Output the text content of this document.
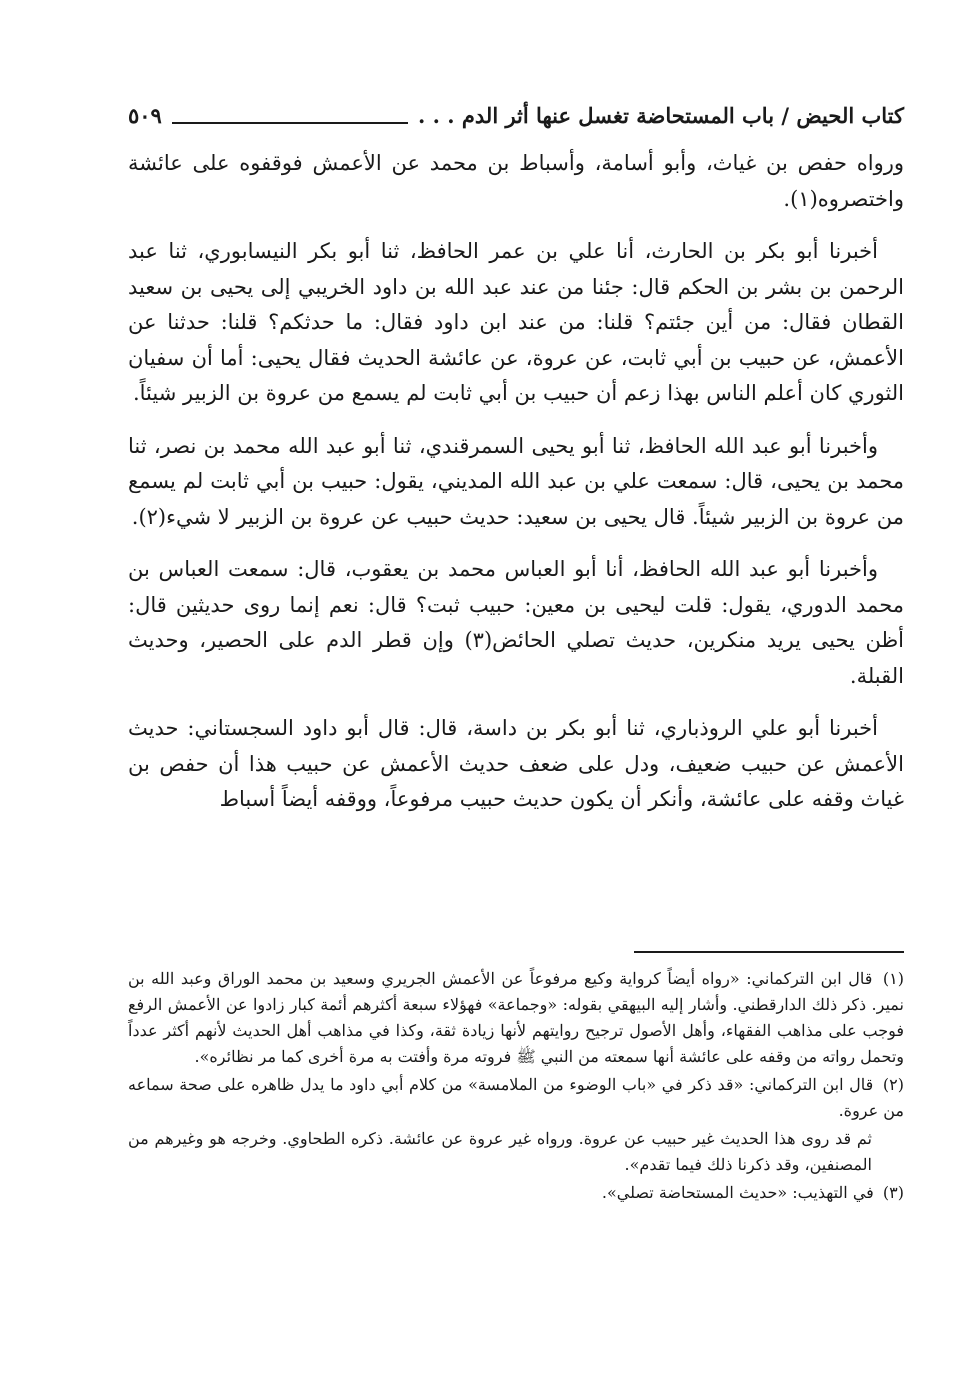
كتاب الحيض / باب المستحاضة تغسل عنها أثر الدم . . .
٥٠٩

ورواه حفص بن غياث، وأبو أسامة، وأسباط بن محمد عن الأعمش فوقفوه على عائشة واختصروه(١).

أخبرنا أبو بكر بن الحارث، أنا علي بن عمر الحافظ، ثنا أبو بكر النيسابوري، ثنا عبد الرحمن بن بشر بن الحكم قال: جئنا من عند عبد الله بن داود الخريبي إلى يحيى بن سعيد القطان فقال: من أين جئتم؟ قلنا: من عند ابن داود فقال: ما حدثكم؟ قلنا: حدثنا عن الأعمش، عن حبيب بن أبي ثابت، عن عروة، عن عائشة الحديث فقال يحيى: أما أن سفيان الثوري كان أعلم الناس بهذا زعم أن حبيب بن أبي ثابت لم يسمع من عروة بن الزبير شيئاً.

وأخبرنا أبو عبد الله الحافظ، ثنا أبو يحيى السمرقندي، ثنا أبو عبد الله محمد بن نصر، ثنا محمد بن يحيى، قال: سمعت علي بن عبد الله المديني، يقول: حبيب بن أبي ثابت لم يسمع من عروة بن الزبير شيئاً. قال يحيى بن سعيد: حديث حبيب عن عروة بن الزبير لا شيء(٢).

وأخبرنا أبو عبد الله الحافظ، أنا أبو العباس محمد بن يعقوب، قال: سمعت العباس بن محمد الدوري، يقول: قلت ليحيى بن معين: حبيب ثبت؟ قال: نعم إنما روى حديثين قال: أظن يحيى يريد منكرين، حديث تصلي الحائض(٣) وإن قطر الدم على الحصير، وحديث القبلة.

أخبرنا أبو علي الروذباري، ثنا أبو بكر بن داسة، قال: قال أبو داود السجستاني: حديث الأعمش عن حبيب ضعيف، ودل على ضعف حديث الأعمش عن حبيب هذا أن حفص بن غياث وقفه على عائشة، وأنكر أن يكون حديث حبيب مرفوعاً، ووقفه أيضاً أسباط

(١) قال ابن التركماني: «رواه أيضاً كرواية وكيع مرفوعاً عن الأعمش الجريري وسعيد بن محمد الوراق وعبد الله بن نمير. ذكر ذلك الدارقطني. وأشار إليه البيهقي بقوله: «وجماعة» فهؤلاء سبعة أكثرهم أئمة كبار زادوا عن الأعمش الرفع فوجب على مذاهب الفقهاء، وأهل الأصول ترجيح روايتهم لأنها زيادة ثقة، وكذا في مذاهب أهل الحديث لأنهم أكثر عدداً وتحمل رواته من وقفه على عائشة أنها سمعته من النبي ﷺ فروته مرة وأفتت به مرة أخرى كما مر نظائره».

(٢) قال ابن التركماني: «قد ذكر في «باب الوضوء من الملامسة» من كلام أبي داود ما يدل ظاهره على صحة سماعه من عروة.

ثم قد روى هذا الحديث غير حبيب عن عروة. ورواه غير عروة عن عائشة. ذكره الطحاوي. وخرجه هو وغيرهم من المصنفين، وقد ذكرنا ذلك فيما تقدم».

(٣) في التهذيب: «حديث المستحاضة تصلي».
